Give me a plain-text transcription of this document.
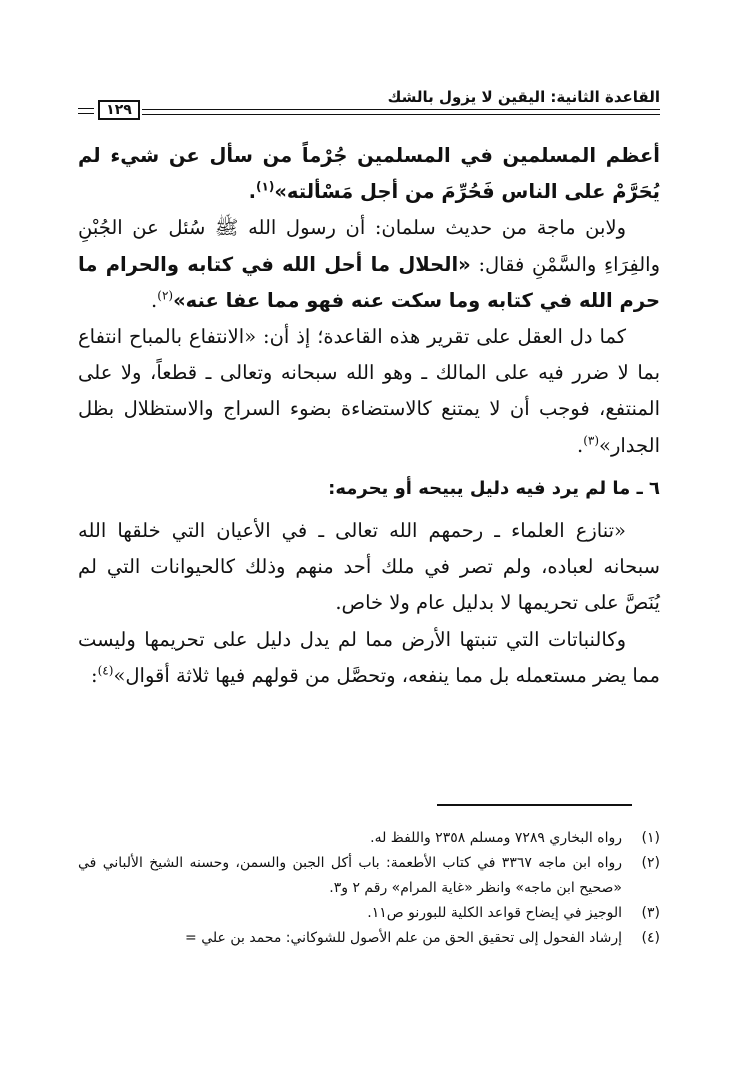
القاعدة الثانية: اليقين لا يزول بالشك
١٢٩

أعظم المسلمين في المسلمين جُرْماً من سأل عن شيء لم يُحَرَّمْ على الناس فَحُرِّمَ من أجل مَسْألته»$^{(١)}$.

ولابن ماجة من حديث سلمان: أن رسول الله ﷺ سُئل عن الجُبْنِ والفِرَاءِ والسَّمْنِ فقال: «الحلال ما أحل الله في كتابه والحرام ما حرم الله في كتابه وما سكت عنه فهو مما عفا عنه»$^{(٢)}$.

كما دل العقل على تقرير هذه القاعدة؛ إذ أن: «الانتفاع بالمباح انتفاع بما لا ضرر فيه على المالك ـ وهو الله سبحانه وتعالى ـ قطعاً، ولا على المنتفع، فوجب أن لا يمتنع كالاستضاءة بضوء السراج والاستظلال بظل الجدار»$^{(٣)}$.

٦ ـ ما لم يرد فيه دليل يبيحه أو يحرمه:

«تنازع العلماء ـ رحمهم الله تعالى ـ في الأعيان التي خلقها الله سبحانه لعباده، ولم تصر في ملك أحد منهم وذلك كالحيوانات التي لم يُنَصَّ على تحريمها لا بدليل عام ولا خاص.

وكالنباتات التي تنبتها الأرض مما لم يدل دليل على تحريمها وليست مما يضر مستعمله بل مما ينفعه، وتحصَّل من قولهم فيها ثلاثة أقوال»$^{(٤)}$:

(١)
رواه البخاري ٧٢٨٩ ومسلم ٢٣٥٨ واللفظ له.
(٢)
رواه ابن ماجه ٣٣٦٧ في كتاب الأطعمة: باب أكل الجبن والسمن، وحسنه الشيخ الألباني في «صحيح ابن ماجه» وانظر «غاية المرام» رقم ٢ و٣.
(٣)
الوجيز في إيضاح قواعد الكلية للبورنو ص١١.
(٤)
إرشاد الفحول إلى تحقيق الحق من علم الأصول للشوكاني: محمد بن علي =
